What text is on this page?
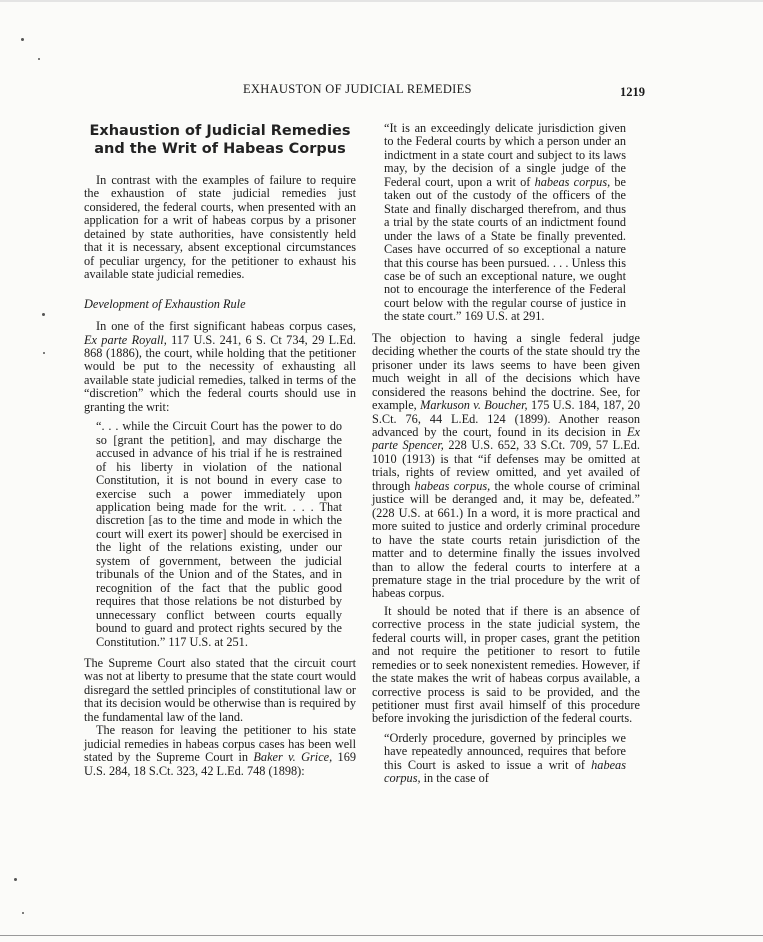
EXHAUSTON OF JUDICIAL REMEDIES	1219
Exhaustion of Judicial Remedies and the Writ of Habeas Corpus

In contrast with the examples of failure to require the exhaustion of state judicial remedies just considered, the federal courts, when presented with an application for a writ of habeas corpus by a prisoner detained by state authorities, have consistently held that it is necessary, absent exceptional circumstances of peculiar urgency, for the petitioner to exhaust his available state judicial remedies.

Development of Exhaustion Rule

In one of the first significant habeas corpus cases, Ex parte Royall, 117 U.S. 241, 6 S. Ct 734, 29 L.Ed. 868 (1886), the court, while holding that the petitioner would be put to the necessity of exhausting all available state judicial remedies, talked in terms of the “discretion” which the federal courts should use in granting the writ:

“. . . while the Circuit Court has the power to do so [grant the petition], and may discharge the accused in advance of his trial if he is restrained of his liberty in violation of the national Constitution, it is not bound in every case to exercise such a power immediately upon application being made for the writ. . . . That discretion [as to the time and mode in which the court will exert its power] should be exercised in the light of the relations existing, under our system of government, between the judicial tribunals of the Union and of the States, and in recognition of the fact that the public good requires that those relations be not disturbed by unnecessary conflict between courts equally bound to guard and protect rights secured by the Constitution.” 117 U.S. at 251.

The Supreme Court also stated that the circuit court was not at liberty to presume that the state court would disregard the settled principles of constitutional law or that its decision would be otherwise than is required by the fundamental law of the land.

The reason for leaving the petitioner to his state judicial remedies in habeas corpus cases has been well stated by the Supreme Court in Baker v. Grice, 169 U.S. 284, 18 S.Ct. 323, 42 L.Ed. 748 (1898):

“It is an exceedingly delicate jurisdiction given to the Federal courts by which a person under an indictment in a state court and subject to its laws may, by the decision of a single judge of the Federal court, upon a writ of habeas corpus, be taken out of the custody of the officers of the State and finally discharged therefrom, and thus a trial by the state courts of an indictment found under the laws of a State be finally prevented. Cases have occurred of so exceptional a nature that this course has been pursued. . . . Unless this case be of such an exceptional nature, we ought not to encourage the interference of the Federal court below with the regular course of justice in the state court.” 169 U.S. at 291.

The objection to having a single federal judge deciding whether the courts of the state should try the prisoner under its laws seems to have been given much weight in all of the decisions which have considered the reasons behind the doctrine. See, for example, Markuson v. Boucher, 175 U.S. 184, 187, 20 S.Ct. 76, 44 L.Ed. 124 (1899). Another reason advanced by the court, found in its decision in Ex parte Spencer, 228 U.S. 652, 33 S.Ct. 709, 57 L.Ed. 1010 (1913) is that “if defenses may be omitted at trials, rights of review omitted, and yet availed of through habeas corpus, the whole course of criminal justice will be deranged and, it may be, defeated.” (228 U.S. at 661.) In a word, it is more practical and more suited to justice and orderly criminal procedure to have the state courts retain jurisdiction of the matter and to determine finally the issues involved than to allow the federal courts to interfere at a premature stage in the trial procedure by the writ of habeas corpus.

It should be noted that if there is an absence of corrective process in the state judicial system, the federal courts will, in proper cases, grant the petition and not require the petitioner to resort to futile remedies or to seek nonexistent remedies. However, if the state makes the writ of habeas corpus available, a corrective process is said to be provided, and the petitioner must first avail himself of this procedure before invoking the jurisdiction of the federal courts.

“Orderly procedure, governed by principles we have repeatedly announced, requires that before this Court is asked to issue a writ of habeas corpus, in the case of
